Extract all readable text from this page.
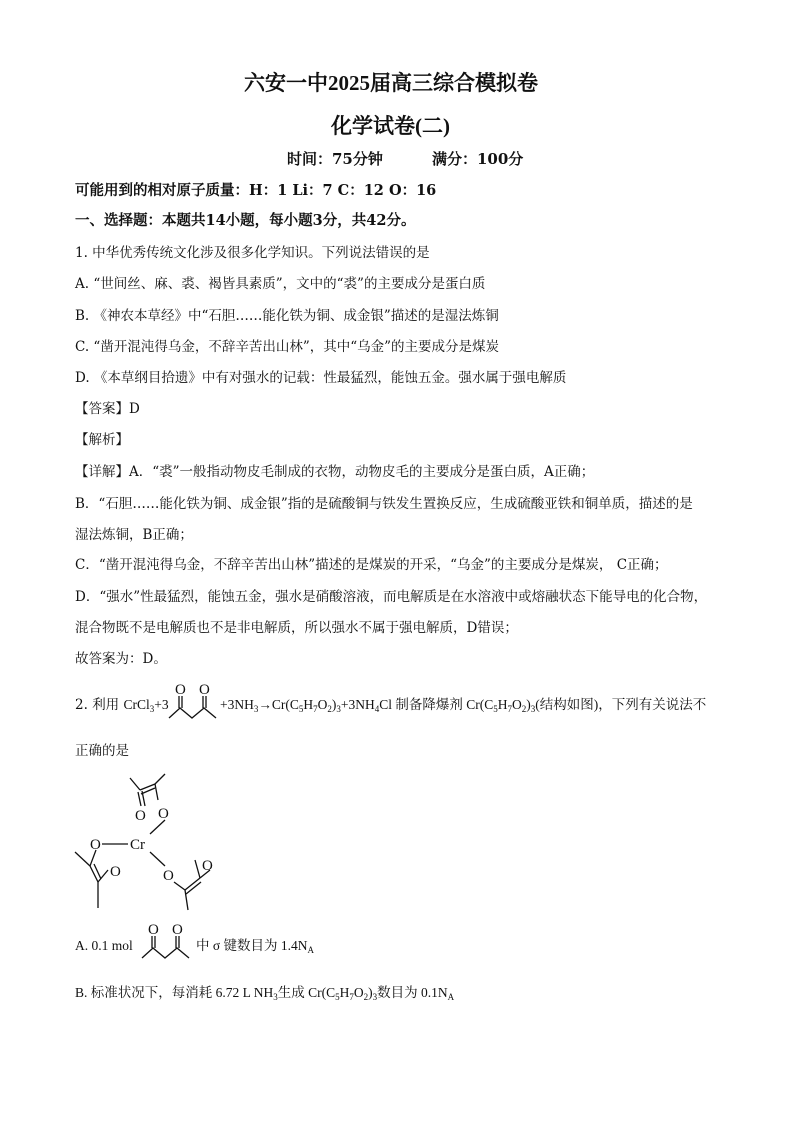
六安一中2025届高三综合模拟卷
化学试卷(二)
时间：75分钟	满分：100分
可能用到的相对原子质量：H：1 Li：7 C：12 O：16
一、选择题：本题共14小题，每小题3分，共42分。
1. 中华优秀传统文化涉及很多化学知识。下列说法错误的是
A. “世间丝、麻、裘、褐皆具素质”，文中的“裘”的主要成分是蛋白质
B. 《神农本草经》中“石胆……能化铁为铜、成金银”描述的是湿法炼铜
C. “凿开混沌得乌金，不辞辛苦出山林”，其中“乌金”的主要成分是煤炭
D. 《本草纲目拾遗》中有对强水的记载：性最猛烈，能蚀五金。强水属于强电解质
【答案】D
【解析】
【详解】A．“裘”一般指动物皮毛制成的衣物，动物皮毛的主要成分是蛋白质，A正确；
B．“石胆……能化铁为铜、成金银”指的是硫酸铜与铁发生置换反应，生成硫酸亚铁和铜单质，描述的是
湿法炼铜，B正确；
C．“凿开混沌得乌金，不辞辛苦出山林”描述的是煤炭的开采，“乌金”的主要成分是煤炭， C正确；
D．“强水”性最猛烈，能蚀五金，强水是硝酸溶液，而电解质是在水溶液中或熔融状态下能导电的化合物，
混合物既不是电解质也不是非电解质，所以强水不属于强电解质，D错误；
故答案为：D。
2. 利用 CrCl$_3$+3
O O
$+3NH_3\to Cr(C_5H_7O_2)_3+3NH_4Cl$ 制备降爆剂 $Cr(C_5H_7O_2)_3$(结构如图)，下列有关说法不
正确的是
O O
Cr
O
O	O
O
A. 0.1 mol
O O
中 σ 键数目为 $1.4N_A$
B. 标准状况下，每消耗 6.72 L $NH_3$生成 $Cr(C_5H_7O_2)_3$数目为 $0.1N_A$
